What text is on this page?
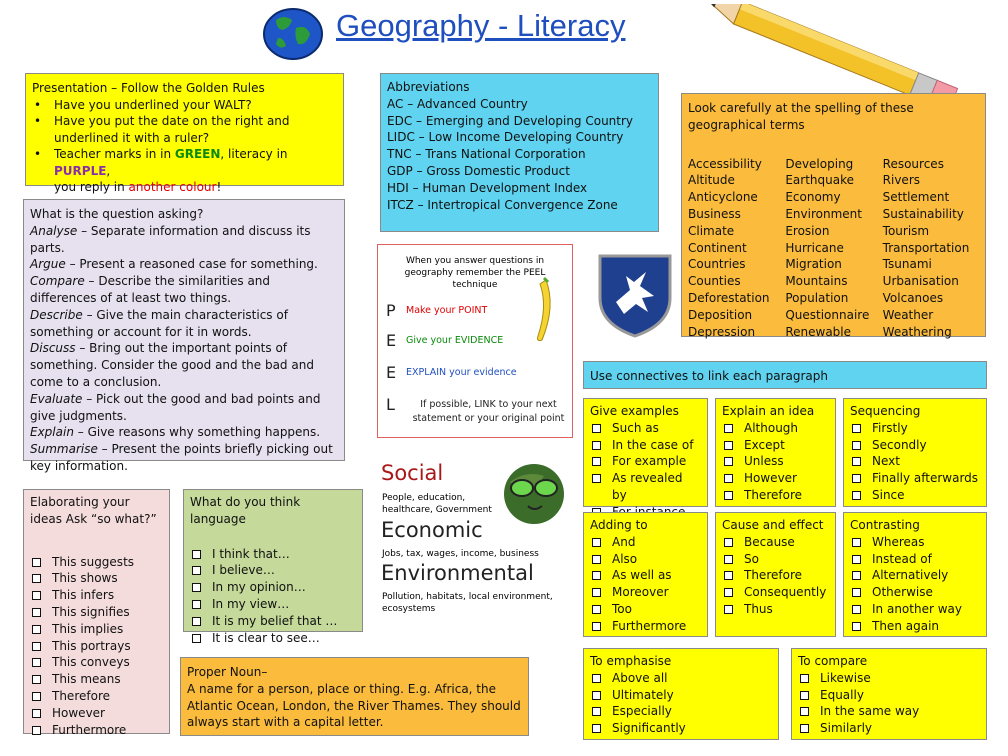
Geography - Literacy

Presentation – Follow the Golden Rules

• Have you underlined your WALT?
• Have you put the date on the right and underlined it with a ruler?
• Teacher marks in in GREEN, literacy in PURPLE,
you reply in another colour!

What is the question asking?

Analyse – Separate information and discuss its parts.

Argue – Present a reasoned case for something.

Compare – Describe the similarities and differences of at least two things.

Describe – Give the main characteristics of something or account for it in words.

Discuss – Bring out the important points of something. Consider the good and the bad and come to a conclusion.

Evaluate – Pick out the good and bad points and give judgments.

Explain – Give reasons why something happens.

Summarise – Present the points briefly picking out key information.

Elaborating your ideas Ask “so what?”

This suggests
This shows
This infers
This signifies
This implies
This portrays
This conveys
This means
Therefore
However
Furthermore

What do you think language

I think that…
I believe…
In my opinion…
In my view…
It is my belief that …
It is clear to see…

Abbreviations

AC – Advanced Country

EDC – Emerging and Developing Country

LIDC – Low Income Developing Country

TNC – Trans National Corporation

GDP – Gross Domestic Product

HDI – Human Development Index

ITCZ – Intertropical Convergence Zone

When you answer questions in geography remember the PEEL technique
P Make your POINT
E Give your EVIDENCE
E EXPLAIN your evidence
L	If possible, LINK to your next statement or your original point
Social
People, education, healthcare, Government
Economic
Jobs, tax, wages, income, business
Environmental
Pollution, habitats, local environment, ecosystems

Look carefully at the spelling of these geographical terms

Accessibility
Altitude
Anticyclone
Business
Climate
Continent
Countries
Counties
Deforestation
Deposition
Depression
Developing
Earthquake
Economy
Environment
Erosion
Hurricane
Migration
Mountains
Population
Questionnaire
Renewable
Resources
Rivers
Settlement
Sustainability
Tourism
Transportation
Tsunami
Urbanisation
Volcanoes
Weather
Weathering

Use connectives to link each paragraph

Give examples

Such as
In the case of
For example
As revealed by

Explain an idea

Although
Except
Unless
However
Therefore

Sequencing

Firstly
Secondly
Next
Finally afterwards
Since

Adding to

And
Also
As well as
Moreover
Too
Furthermore

Cause and effect

Because
So
Therefore
Consequently
Thus

Contrasting

Whereas
Instead of
Alternatively
Otherwise
In another way
Then again

To emphasise

Above all
Ultimately
Especially
Significantly

To compare

Likewise
Equally
In the same way
Similarly

Proper Noun–

A name for a person, place or thing. E.g. Africa, the Atlantic Ocean, London, the River Thames. They should always start with a capital letter.
